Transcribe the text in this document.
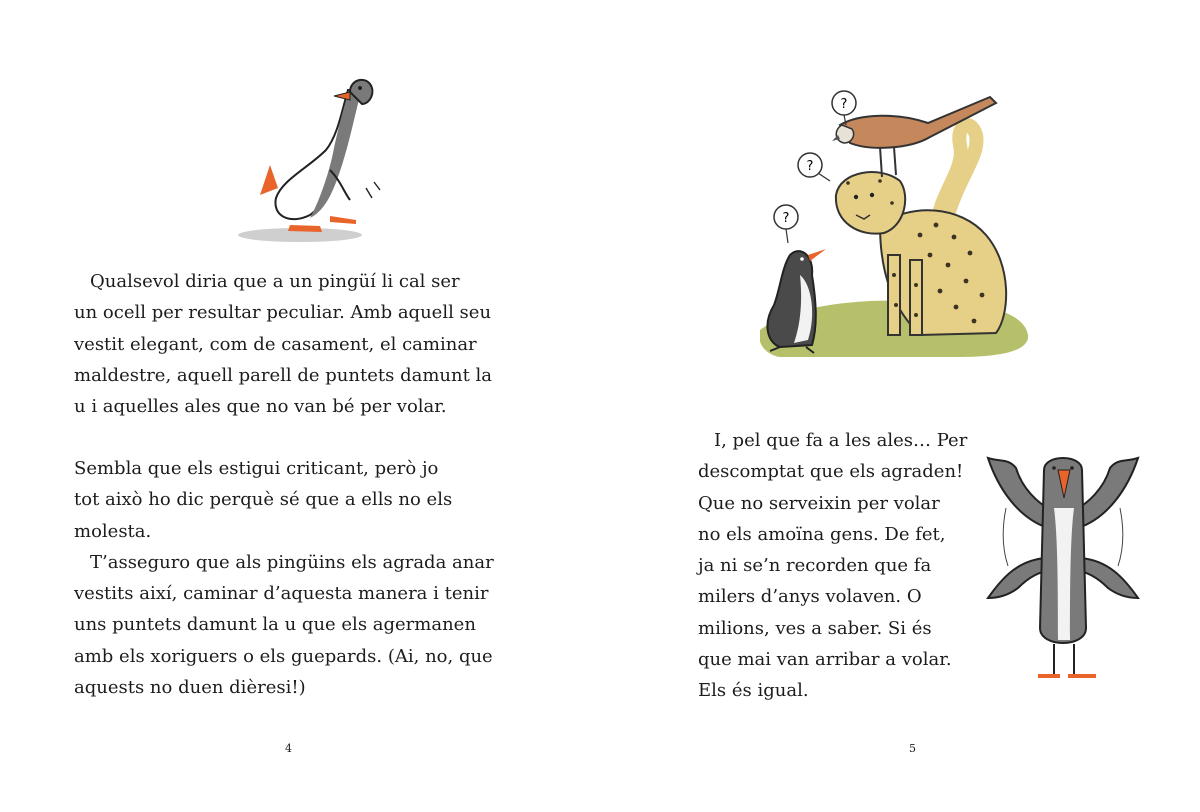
Qualsevol diria que a un pingüí li cal ser
un ocell per resultar peculiar. Amb aquell seu
vestit elegant, com de casament, el caminar
maldestre, aquell parell de puntets damunt la
u i aquelles ales que no van bé per volar.

Sembla que els estigui criticant, però jo
tot això ho dic perquè sé que a ells no els
molesta.
T’asseguro que als pingüins els agrada anar
vestits així, caminar d’aquesta manera i tenir
uns puntets damunt la u que els agermanen
amb els xoriguers o els guepards. (Ai, no, que
aquests no duen dièresi!)

4
?
?
?

I, pel que fa a les ales… Per
descomptat que els agraden!
Que no serveixin per volar
no els amoïna gens. De fet,
ja ni se’n recorden que fa
milers d’anys volaven. O
milions, ves a saber. Si és
que mai van arribar a volar.
Els és igual.

5
